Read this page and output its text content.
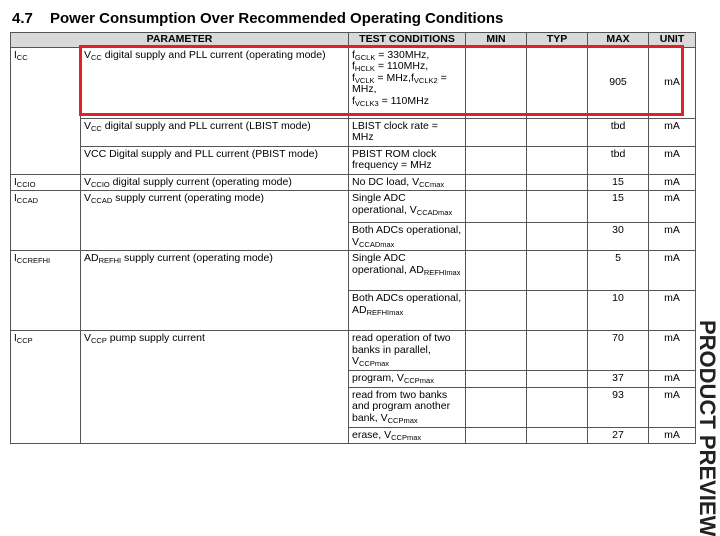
4.7 Power Consumption Over Recommended Operating Conditions
PARAMETER		TEST CONDITIONS	MIN	TYP	MAX	UNIT
$I_{CC}$	$V_{CC}$ digital supply and PLL current (operating mode)	$f_{GCLK} = 330MHz$,
$f_{HCLK} = 110MHz$,
$f_{VCLK} = MHz,f_{VCLK2}$ =
MHz,
$f_{VCLK3} = 110MHz$			905	mA
	$V_{CC}$ digital supply and PLL current (LBIST mode)	LBIST clock rate = MHz			tbd	mA
	VCC Digital supply and PLL current (PBIST mode)	PBIST ROM clock frequency = MHz			tbd	mA
$I_{CCIO}$	$V_{CCIO}$ digital supply current (operating mode)	No DC load, $V_{CCmax}$			15	mA
$I_{CCAD}$	$V_{CCAD}$ supply current (operating mode)	Single ADC operational, $V_{CCADmax}$			15	mA
		Both ADCs operational, $V_{CCADmax}$			30	mA
$I_{CCREFHI}$	$AD_{REFHI}$ supply current (operating mode)	Single ADC operational, $AD_{REFHImax}$			5	mA
		Both ADCs operational, $AD_{REFHImax}$			10	mA
$I_{CCP}$	$V_{CCP}$ pump supply current	read operation of two banks in parallel, $V_{CCPmax}$			70	mA
		program, $V_{CCPmax}$			37	mA
		read from two banks and program another bank, $V_{CCPmax}$			93	mA
		erase, $V_{CCPmax}$			27	mA PRODUCT PREVIEW
